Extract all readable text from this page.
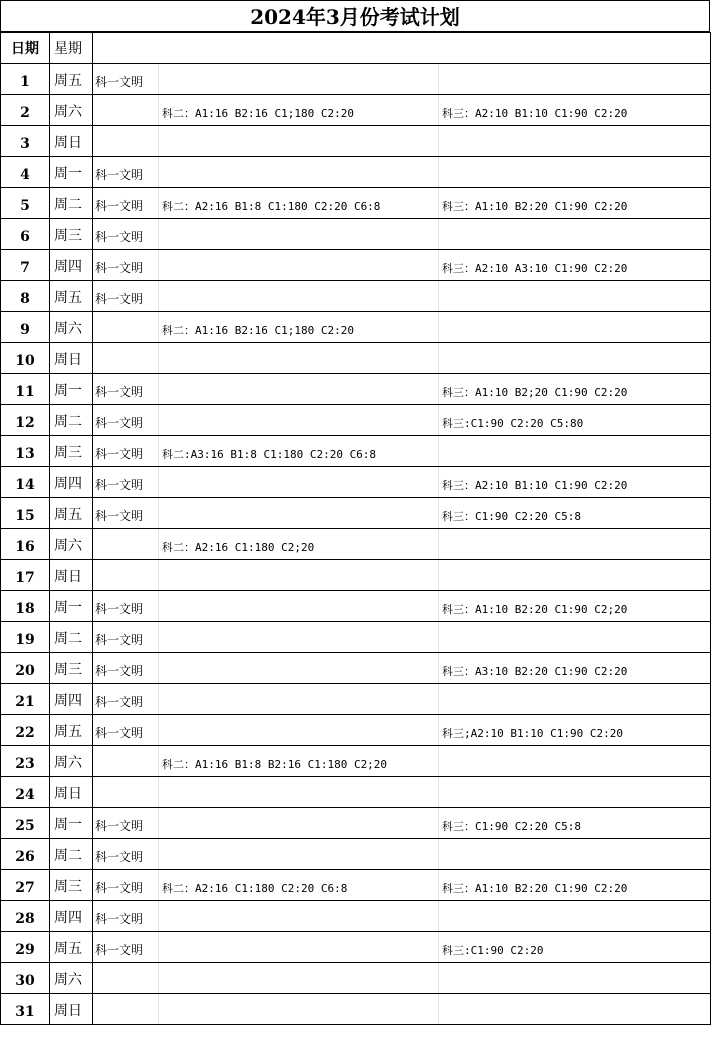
2024年3月份考试计划
日期	星期			
1	周五	科一文明		
2	周六		科二：A1:16 B2:16 C1;180 C2:20	科三：A2:10 B1:10 C1:90 C2:20
3	周日			
4	周一	科一文明		
5	周二	科一文明	科二：A2:16 B1:8 C1:180 C2:20 C6:8	科三：A1:10 B2:20 C1:90 C2:20
6	周三	科一文明		
7	周四	科一文明		科三：A2:10 A3:10 C1:90 C2:20
8	周五	科一文明		
9	周六		科二：A1:16 B2:16 C1;180 C2:20	
10	周日			
11	周一	科一文明		科三：A1:10 B2;20 C1:90 C2:20
12	周二	科一文明		科三:C1:90 C2:20 C5:80
13	周三	科一文明	科二:A3:16 B1:8 C1:180 C2:20 C6:8	
14	周四	科一文明		科三：A2:10 B1:10 C1:90 C2:20
15	周五	科一文明		科三：C1:90 C2:20 C5:8
16	周六		科二：A2:16 C1:180 C2;20	
17	周日			
18	周一	科一文明		科三：A1:10 B2:20 C1:90 C2;20
19	周二	科一文明		
20	周三	科一文明		科三：A3:10 B2:20 C1:90 C2:20
21	周四	科一文明		
22	周五	科一文明		科三;A2:10 B1:10 C1:90 C2:20
23	周六		科二：A1:16 B1:8 B2:16 C1:180 C2;20	
24	周日			
25	周一	科一文明		科三：C1:90 C2:20 C5:8
26	周二	科一文明		
27	周三	科一文明	科二：A2:16 C1:180 C2:20 C6:8	科三：A1:10 B2:20 C1:90 C2:20
28	周四	科一文明		
29	周五	科一文明		科三:C1:90 C2:20
30	周六			
31	周日			
